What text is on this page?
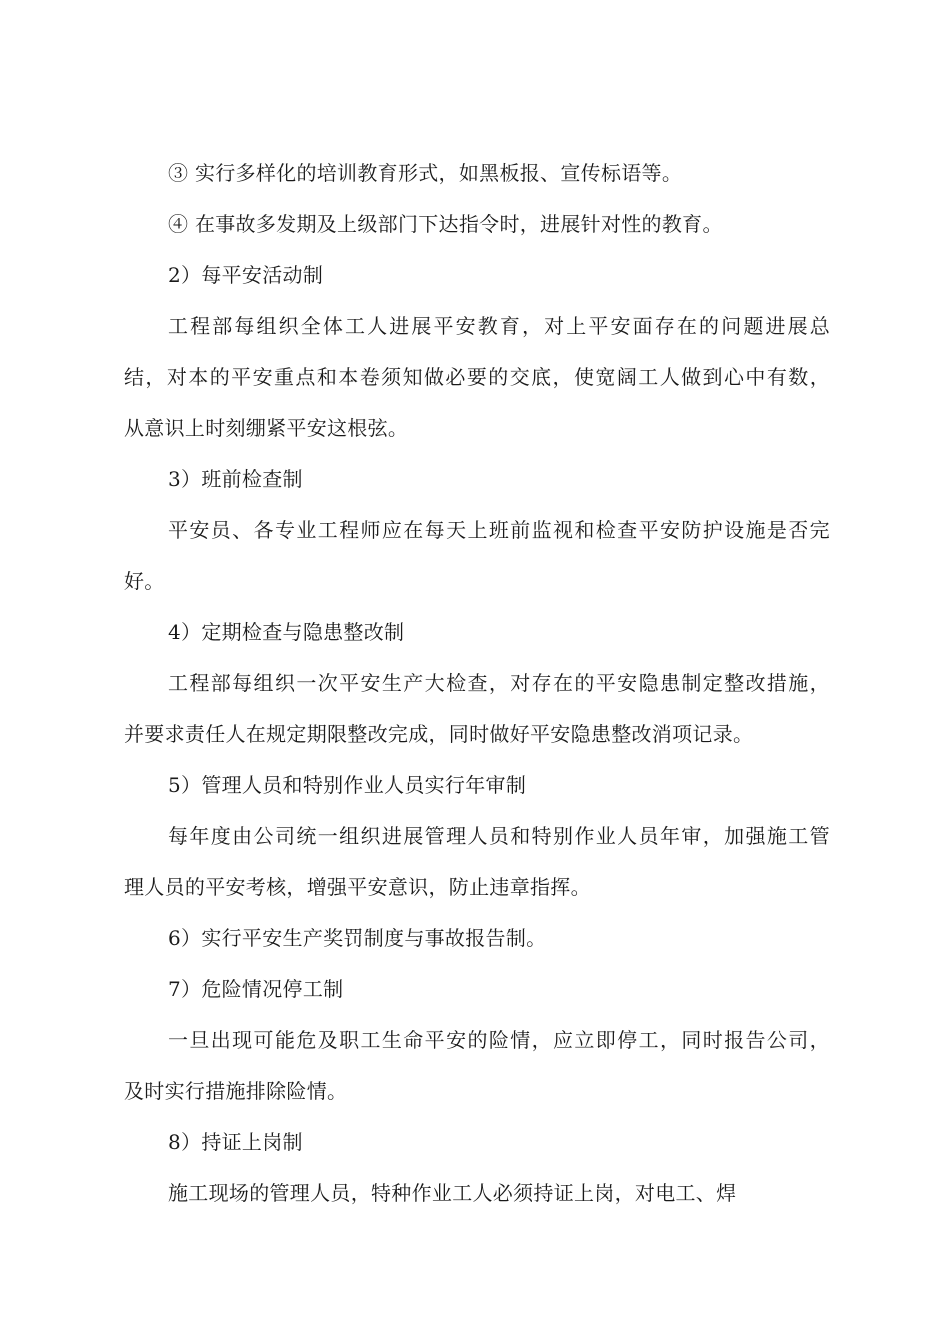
③ 实行多样化的培训教育形式，如黑板报、宣传标语等。
④ 在事故多发期及上级部门下达指令时，进展针对性的教育。
2）每平安活动制
工程部每组织全体工人进展平安教育，对上平安面存在的问题进展总
结，对本的平安重点和本卷须知做必要的交底，使宽阔工人做到心中有数，
从意识上时刻绷紧平安这根弦。
3）班前检查制
平安员、各专业工程师应在每天上班前监视和检查平安防护设施是否完
好。
4）定期检查与隐患整改制
工程部每组织一次平安生产大检查，对存在的平安隐患制定整改措施，
并要求责任人在规定期限整改完成，同时做好平安隐患整改消项记录。
5）管理人员和特别作业人员实行年审制
每年度由公司统一组织进展管理人员和特别作业人员年审，加强施工管
理人员的平安考核，增强平安意识，防止违章指挥。
6）实行平安生产奖罚制度与事故报告制。
7）危险情况停工制
一旦出现可能危及职工生命平安的险情，应立即停工，同时报告公司，
及时实行措施排除险情。
8）持证上岗制
施工现场的管理人员，特种作业工人必须持证上岗，对电工、焊
